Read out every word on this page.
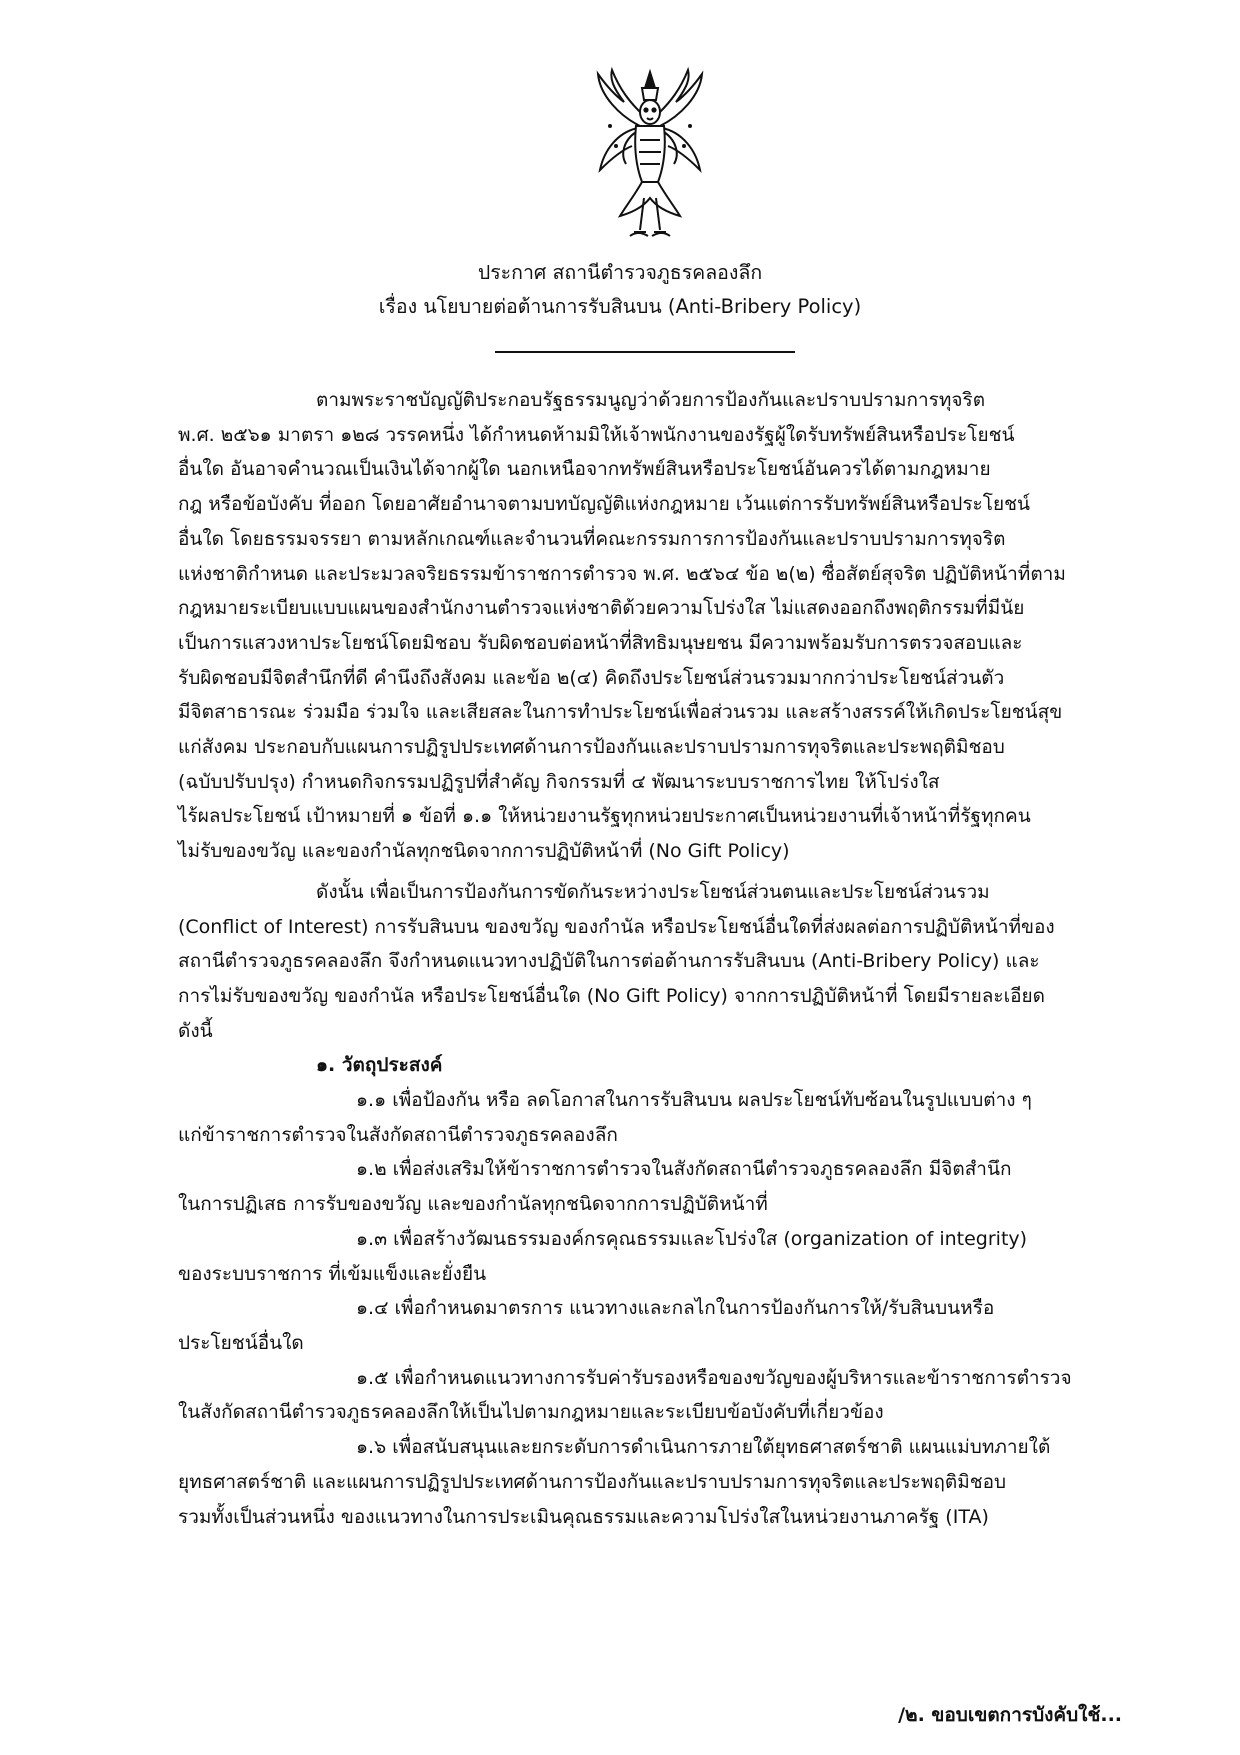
ประกาศ สถานีตำรวจภูธรคลองลึก
เรื่อง นโยบายต่อต้านการรับสินบน (Anti-Bribery Policy)

ตามพระราชบัญญัติประกอบรัฐธรรมนูญว่าด้วยการป้องกันและปราบปรามการทุจริต
พ.ศ. ๒๕๖๑ มาตรา ๑๒๘ วรรคหนึ่ง ได้กำหนดห้ามมิให้เจ้าพนักงานของรัฐผู้ใดรับทรัพย์สินหรือประโยชน์
อื่นใด อันอาจคำนวณเป็นเงินได้จากผู้ใด นอกเหนือจากทรัพย์สินหรือประโยชน์อันควรได้ตามกฎหมาย
กฎ หรือข้อบังคับ ที่ออก โดยอาศัยอำนาจตามบทบัญญัติแห่งกฎหมาย เว้นแต่การรับทรัพย์สินหรือประโยชน์
อื่นใด โดยธรรมจรรยา ตามหลักเกณฑ์และจำนวนที่คณะกรรมการการป้องกันและปราบปรามการทุจริต
แห่งชาติกำหนด และประมวลจริยธรรมข้าราชการตำรวจ พ.ศ. ๒๕๖๔ ข้อ ๒(๒) ซื่อสัตย์สุจริต ปฏิบัติหน้าที่ตาม
กฎหมายระเบียบแบบแผนของสำนักงานตำรวจแห่งชาติด้วยความโปร่งใส ไม่แสดงออกถึงพฤติกรรมที่มีนัย
เป็นการแสวงหาประโยชน์โดยมิชอบ รับผิดชอบต่อหน้าที่สิทธิมนุษยชน มีความพร้อมรับการตรวจสอบและ
รับผิดชอบมีจิตสำนึกที่ดี คำนึงถึงสังคม และข้อ ๒(๔) คิดถึงประโยชน์ส่วนรวมมากกว่าประโยชน์ส่วนตัว
มีจิตสาธารณะ ร่วมมือ ร่วมใจ และเสียสละในการทำประโยชน์เพื่อส่วนรวม และสร้างสรรค์ให้เกิดประโยชน์สุข
แก่สังคม ประกอบกับแผนการปฏิรูปประเทศด้านการป้องกันและปราบปรามการทุจริตและประพฤติมิชอบ
(ฉบับปรับปรุง) กำหนดกิจกรรมปฏิรูปที่สำคัญ กิจกรรมที่ ๔ พัฒนาระบบราชการไทย ให้โปร่งใส
ไร้ผลประโยชน์ เป้าหมายที่ ๑ ข้อที่ ๑.๑ ให้หน่วยงานรัฐทุกหน่วยประกาศเป็นหน่วยงานที่เจ้าหน้าที่รัฐทุกคน
ไม่รับของขวัญ และของกำนัลทุกชนิดจากการปฏิบัติหน้าที่ (No Gift Policy)

ดังนั้น เพื่อเป็นการป้องกันการขัดกันระหว่างประโยชน์ส่วนตนและประโยชน์ส่วนรวม
(Conflict of Interest) การรับสินบน ของขวัญ ของกำนัล หรือประโยชน์อื่นใดที่ส่งผลต่อการปฏิบัติหน้าที่ของ
สถานีตำรวจภูธรคลองลึก จึงกำหนดแนวทางปฏิบัติในการต่อต้านการรับสินบน (Anti-Bribery Policy) และ
การไม่รับของขวัญ ของกำนัล หรือประโยชน์อื่นใด (No Gift Policy) จากการปฏิบัติหน้าที่ โดยมีรายละเอียด
ดังนี้

๑. วัตถุประสงค์

๑.๑ เพื่อป้องกัน หรือ ลดโอกาสในการรับสินบน ผลประโยชน์ทับซ้อนในรูปแบบต่าง ๆ
แก่ข้าราชการตำรวจในสังกัดสถานีตำรวจภูธรคลองลึก

๑.๒ เพื่อส่งเสริมให้ข้าราชการตำรวจในสังกัดสถานีตำรวจภูธรคลองลึก มีจิตสำนึก
ในการปฏิเสธ การรับของขวัญ และของกำนัลทุกชนิดจากการปฏิบัติหน้าที่

๑.๓ เพื่อสร้างวัฒนธรรมองค์กรคุณธรรมและโปร่งใส (organization of integrity)
ของระบบราชการ ที่เข้มแข็งและยั่งยืน

๑.๔ เพื่อกำหนดมาตรการ แนวทางและกลไกในการป้องกันการให้/รับสินบนหรือ
ประโยชน์อื่นใด

๑.๕ เพื่อกำหนดแนวทางการรับค่ารับรองหรือของขวัญของผู้บริหารและข้าราชการตำรวจ
ในสังกัดสถานีตำรวจภูธรคลองลึกให้เป็นไปตามกฎหมายและระเบียบข้อบังคับที่เกี่ยวข้อง

๑.๖ เพื่อสนับสนุนและยกระดับการดำเนินการภายใต้ยุทธศาสตร์ชาติ แผนแม่บทภายใต้
ยุทธศาสตร์ชาติ และแผนการปฏิรูปประเทศด้านการป้องกันและปราบปรามการทุจริตและประพฤติมิชอบ
รวมทั้งเป็นส่วนหนึ่ง ของแนวทางในการประเมินคุณธรรมและความโปร่งใสในหน่วยงานภาครัฐ (ITA)

/๒. ขอบเขตการบังคับใช้...
